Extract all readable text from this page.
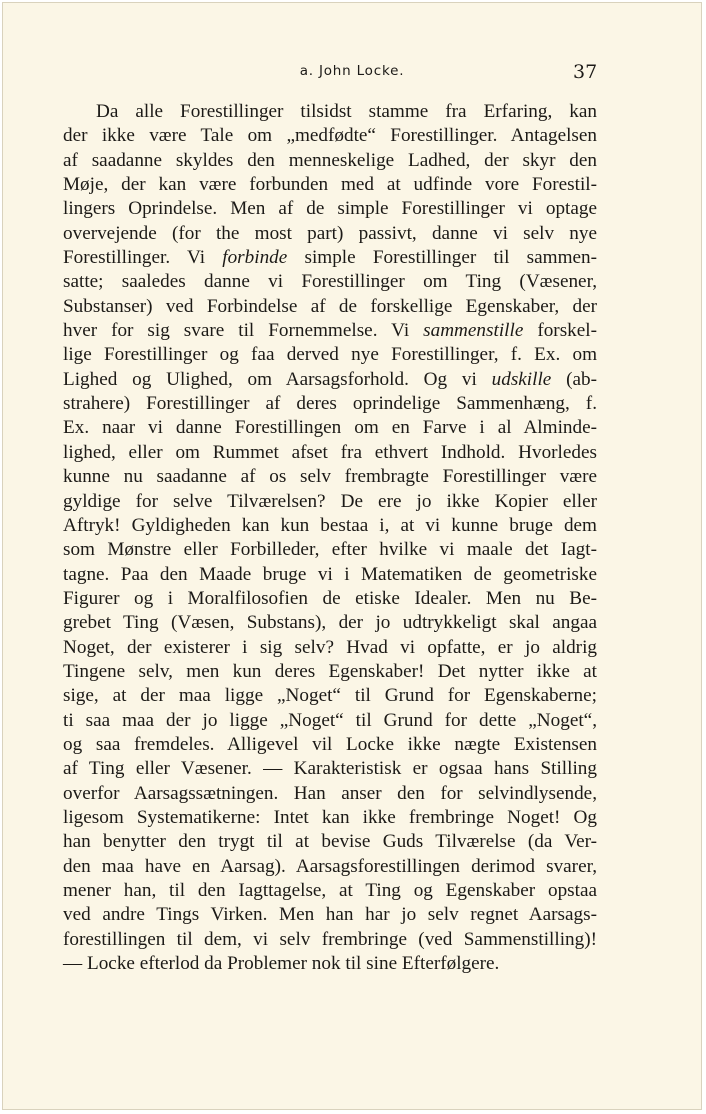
a. John Locke.	37
Da alle Forestillinger tilsidst stamme fra Erfaring, kan
der ikke være Tale om „medfødte“ Forestillinger. Antagelsen
af saadanne skyldes den menneskelige Ladhed, der skyr den
Møje, der kan være forbunden med at udfinde vore Forestil-
lingers Oprindelse. Men af de simple Forestillinger vi optage
overvejende (for the most part) passivt, danne vi selv nye
Forestillinger. Vi forbinde simple Forestillinger til sammen-
satte; saaledes danne vi Forestillinger om Ting (Væsener,
Substanser) ved Forbindelse af de forskellige Egenskaber, der
hver for sig svare til Fornemmelse. Vi sammenstille forskel-
lige Forestillinger og faa derved nye Forestillinger, f. Ex. om
Lighed og Ulighed, om Aarsagsforhold. Og vi udskille (ab-
strahere) Forestillinger af deres oprindelige Sammenhæng, f.
Ex. naar vi danne Forestillingen om en Farve i al Alminde-
lighed, eller om Rummet afset fra ethvert Indhold. Hvorledes
kunne nu saadanne af os selv frembragte Forestillinger være
gyldige for selve Tilværelsen? De ere jo ikke Kopier eller
Aftryk! Gyldigheden kan kun bestaa i, at vi kunne bruge dem
som Mønstre eller Forbilleder, efter hvilke vi maale det Iagt-
tagne. Paa den Maade bruge vi i Matematiken de geometriske
Figurer og i Moralfilosofien de etiske Idealer. Men nu Be-
grebet Ting (Væsen, Substans), der jo udtrykkeligt skal angaa
Noget, der existerer i sig selv? Hvad vi opfatte, er jo aldrig
Tingene selv, men kun deres Egenskaber! Det nytter ikke at
sige, at der maa ligge „Noget“ til Grund for Egenskaberne;
ti saa maa der jo ligge „Noget“ til Grund for dette „Noget“,
og saa fremdeles. Alligevel vil Locke ikke nægte Existensen
af Ting eller Væsener. — Karakteristisk er ogsaa hans Stilling
overfor Aarsagssætningen. Han anser den for selvindlysende,
ligesom Systematikerne: Intet kan ikke frembringe Noget! Og
han benytter den trygt til at bevise Guds Tilværelse (da Ver-
den maa have en Aarsag). Aarsagsforestillingen derimod svarer,
mener han, til den Iagttagelse, at Ting og Egenskaber opstaa
ved andre Tings Virken. Men han har jo selv regnet Aarsags-
forestillingen til dem, vi selv frembringe (ved Sammenstilling)!
— Locke efterlod da Problemer nok til sine Efterfølgere.
